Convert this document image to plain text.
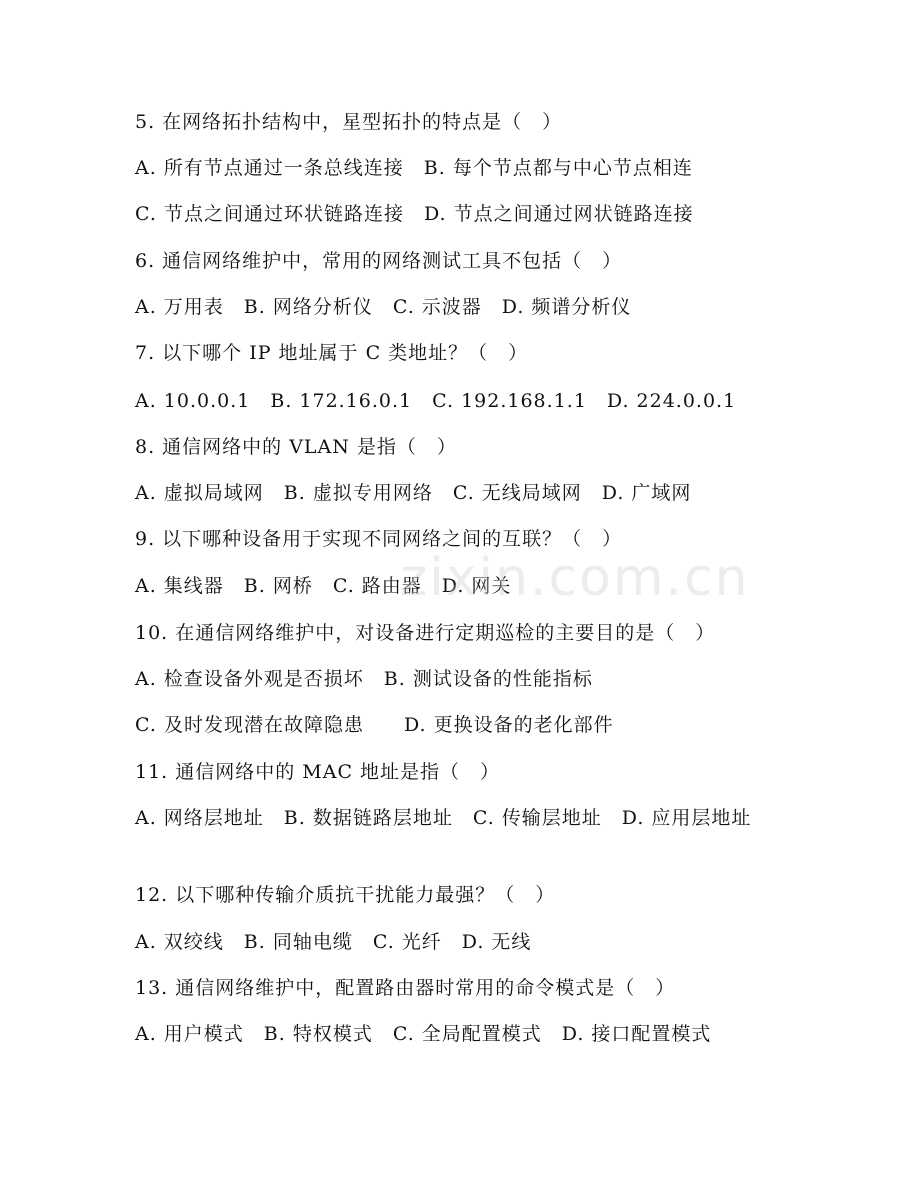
5. 在网络拓扑结构中，星型拓扑的特点是（　）
A. 所有节点通过一条总线连接　B. 每个节点都与中心节点相连
C. 节点之间通过环状链路连接　D. 节点之间通过网状链路连接
6. 通信网络维护中，常用的网络测试工具不包括（　）
A. 万用表　B. 网络分析仪　C. 示波器　D. 频谱分析仪
7. 以下哪个 IP 地址属于 C 类地址？（　）
A. 10.0.0.1　B. 172.16.0.1　C. 192.168.1.1　D. 224.0.0.1
8. 通信网络中的 VLAN 是指（　）
A. 虚拟局域网　B. 虚拟专用网络　C. 无线局域网　D. 广域网
9. 以下哪种设备用于实现不同网络之间的互联？（　）
A. 集线器　B. 网桥　C. 路由器　D. 网关
10. 在通信网络维护中，对设备进行定期巡检的主要目的是（　）
A. 检查设备外观是否损坏　B. 测试设备的性能指标
C. 及时发现潜在故障隐患　　D. 更换设备的老化部件
11. 通信网络中的 MAC 地址是指（　）
A. 网络层地址　B. 数据链路层地址　C. 传输层地址　D. 应用层地址
12. 以下哪种传输介质抗干扰能力最强？（　）
A. 双绞线　B. 同轴电缆　C. 光纤　D. 无线
13. 通信网络维护中，配置路由器时常用的命令模式是（　）
A. 用户模式　B. 特权模式　C. 全局配置模式　D. 接口配置模式
zixin.com.cn
